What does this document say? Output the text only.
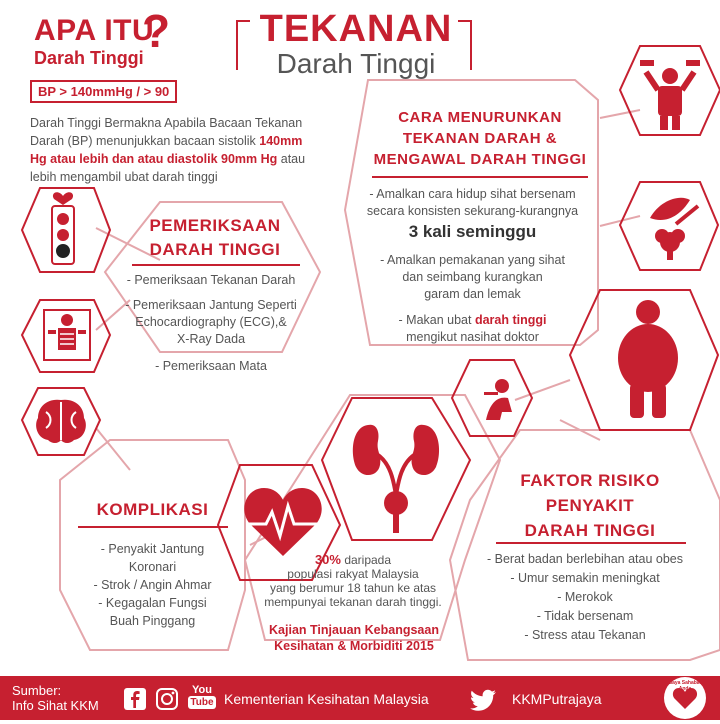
APA ITU
?
Darah Tinggi
BP > 140mmHg / > 90
TEKANAN
Darah Tinggi
Darah Tinggi Bermakna Apabila Bacaan Tekanan
Darah (BP) menunjukkan bacaan sistolik 140mm
Hg atau lebih dan atau diastolik 90mm Hg atau
lebih mengambil ubat darah tinggi
CARA MENURUNKAN
TEKANAN DARAH &
MENGAWAL DARAH TINGGI
- Amalkan cara hidup sihat bersenam
secara konsisten sekurang-kurangnya
3 kali seminggu
- Amalkan pemakanan yang sihat
dan seimbang kurangkan
garam dan lemak
- Makan ubat darah tinggi
mengikut nasihat doktor
PEMERIKSAAN
DARAH TINGGI
- Pemeriksaan Tekanan Darah
- Pemeriksaan Jantung Seperti
Echocardiography (ECG),&
X-Ray Dada
- Pemeriksaan Mata
KOMPLIKASI
- Penyakit Jantung
Koronari
- Strok / Angin Ahmar
- Kegagalan Fungsi
Buah Pinggang
30% daripada
populasi rakyat Malaysia
yang berumur 18 tahun ke atas
mempunyai tekanan darah tinggi.
Kajian Tinjauan Kebangsaan
Kesihatan & Morbiditi 2015
FAKTOR RISIKO
PENYAKIT
DARAH TINGGI
- Berat badan berlebihan atau obes
- Umur semakin meningkat
- Merokok
- Tidak bersenam
- Stress atau Tekanan
Sumber:
Info Sihat KKM
You
Tube Kementerian Kesihatan Malaysia	KKMPutrajaya
Saya Sahabat Anda
